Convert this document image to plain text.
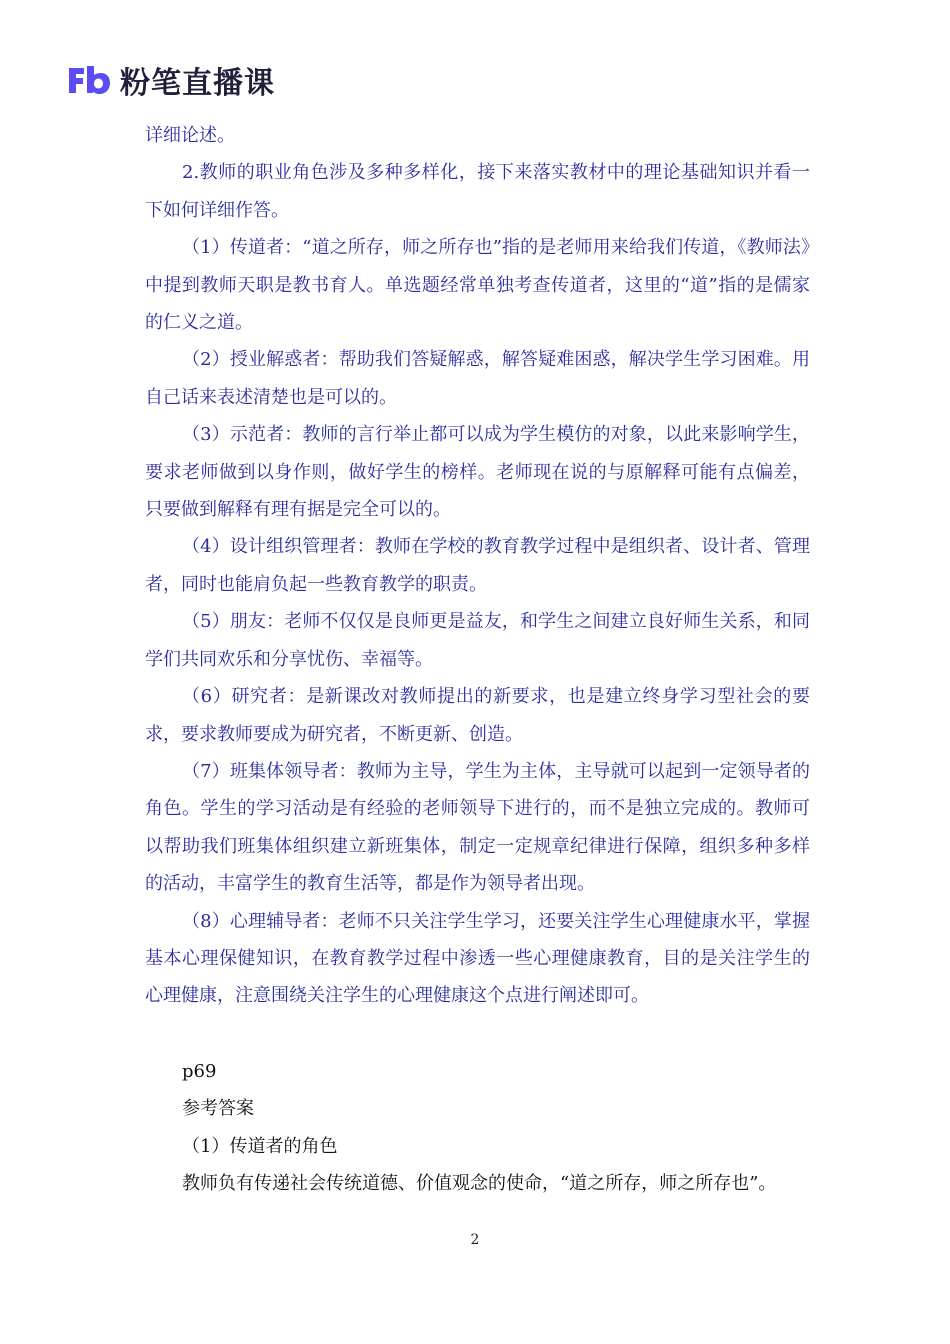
粉笔直播课

详细论述。

2.教师的职业角色涉及多种多样化，接下来落实教材中的理论基础知识并看一下如何详细作答。

（1）传道者：“道之所存，师之所存也”指的是老师用来给我们传道，《教师法》中提到教师天职是教书育人。单选题经常单独考查传道者，这里的“道”指的是儒家的仁义之道。

（2）授业解惑者：帮助我们答疑解惑，解答疑难困惑，解决学生学习困难。用自己话来表述清楚也是可以的。

（3）示范者：教师的言行举止都可以成为学生模仿的对象，以此来影响学生，要求老师做到以身作则，做好学生的榜样。老师现在说的与原解释可能有点偏差，只要做到解释有理有据是完全可以的。

（4）设计组织管理者：教师在学校的教育教学过程中是组织者、设计者、管理者，同时也能肩负起一些教育教学的职责。

（5）朋友：老师不仅仅是良师更是益友，和学生之间建立良好师生关系，和同学们共同欢乐和分享忧伤、幸福等。

（6）研究者：是新课改对教师提出的新要求，也是建立终身学习型社会的要求，要求教师要成为研究者，不断更新、创造。

（7）班集体领导者：教师为主导，学生为主体，主导就可以起到一定领导者的角色。学生的学习活动是有经验的老师领导下进行的，而不是独立完成的。教师可以帮助我们班集体组织建立新班集体，制定一定规章纪律进行保障，组织多种多样的活动，丰富学生的教育生活等，都是作为领导者出现。

（8）心理辅导者：老师不只关注学生学习，还要关注学生心理健康水平，掌握基本心理保健知识，在教育教学过程中渗透一些心理健康教育，目的是关注学生的心理健康，注意围绕关注学生的心理健康这个点进行阐述即可。

p69

参考答案

（1）传道者的角色

教师负有传递社会传统道德、价值观念的使命，“道之所存，师之所存也”。

2
